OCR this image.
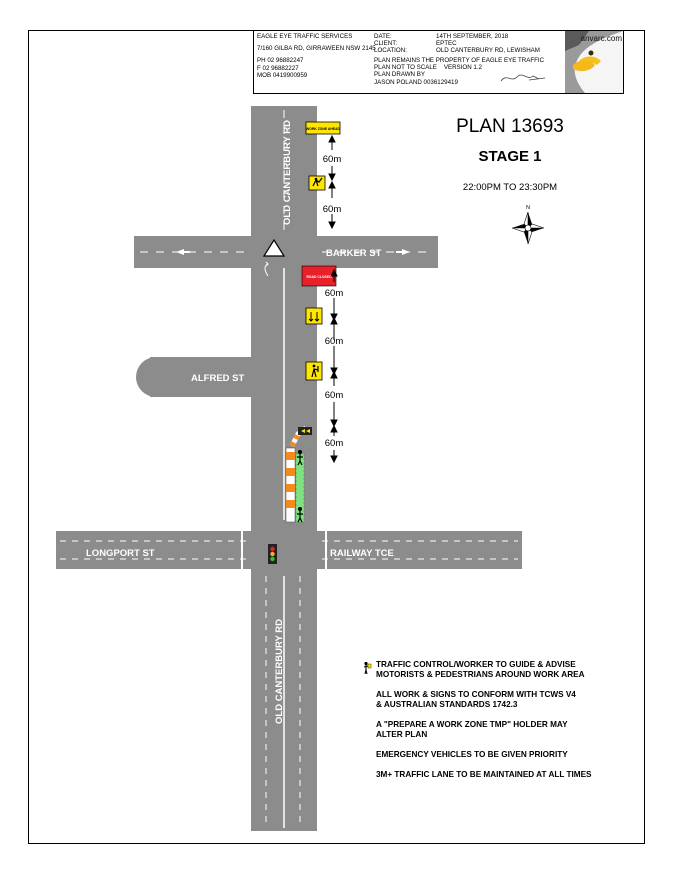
EAGLE EYE TRAFFIC SERVICES
7/160 GILBA RD, GIRRAWEEN NSW 2145
PH 02 96882247
F 02 96882227
MOB 0419900959
DATE:
CLIENT:
LOCATION:
14TH SEPTEMBER, 2018
EPTEC
OLD CANTERBURY RD, LEWISHAM
PLAN REMAINS THE PROPERTY OF EAGLE EYE TRAFFIC
PLAN NOT TO SCALE VERSION 1.2
PLAN DRAWN BY
JASON POLAND 0036129419
anvarc.com
PLAN 13693
STAGE 1
22:00PM TO 23:30PM
N
OLD CANTERBURY RD
OLD CANTERBURY RD
BARKER ST
ALFRED ST
LONGPORT ST	RAILWAY TCE
WORK ZONE AHEAD
ROAD CLOSED
60m
60m
60m
60m
60m
60m
TRAFFIC CONTROL/WORKER TO GUIDE & ADVISE
MOTORISTS & PEDESTRIANS AROUND WORK AREA
ALL WORK & SIGNS TO CONFORM WITH TCWS V4
& AUSTRALIAN STANDARDS 1742.3
A "PREPARE A WORK ZONE TMP" HOLDER MAY
ALTER PLAN
EMERGENCY VEHICLES TO BE GIVEN PRIORITY
3M+ TRAFFIC LANE TO BE MAINTAINED AT ALL TIMES
